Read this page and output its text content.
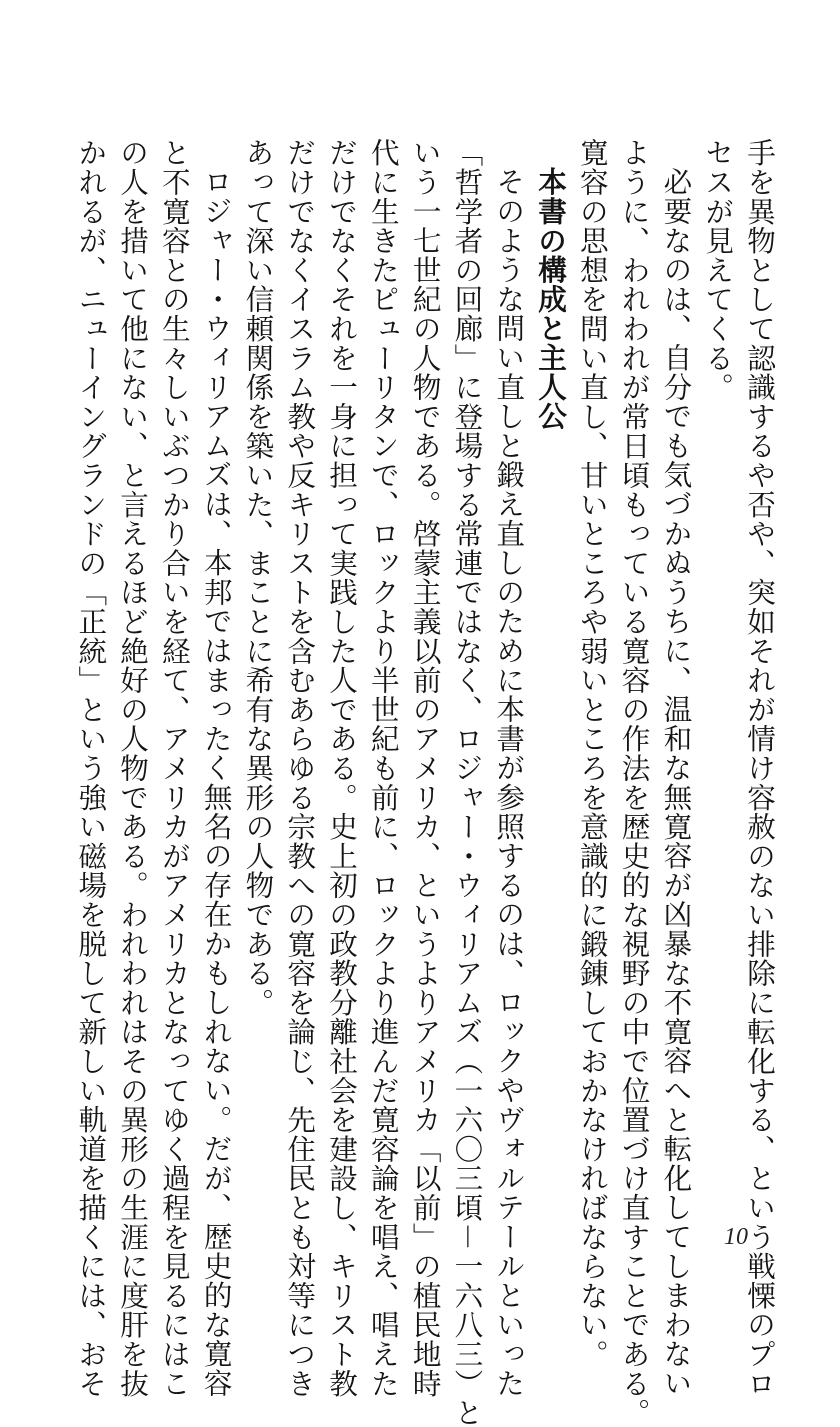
手を異物として認識するや否や、突如それが情け容赦のない排除に転化する、という戦慄のプロ
セスが見えてくる。
必要なのは、自分でも気づかぬうちに、温和な無寛容が凶暴な不寛容へと転化してしまわない
ように、われわれが常日頃もっている寛容の作法を歴史的な視野の中で位置づけ直すことである。
寛容の思想を問い直し、甘いところや弱いところを意識的に鍛錬しておかなければならない。
本書の構成と主人公
そのような問い直しと鍛え直しのために本書が参照するのは、ロックやヴォルテールといった
「哲学者の回廊」に登場する常連ではなく、ロジャー・ウィリアムズ（一六〇三頃－一六八三）と
いう一七世紀の人物である。啓蒙主義以前のアメリカ、というよりアメリカ「以前」の植民地時
代に生きたピューリタンで、ロックより半世紀も前に、ロックより進んだ寛容論を唱え、唱えた
だけでなくそれを一身に担って実践した人である。史上初の政教分離社会を建設し、キリスト教
だけでなくイスラム教や反キリストを含むあらゆる宗教への寛容を論じ、先住民とも対等につき
あって深い信頼関係を築いた、まことに希有な異形の人物である。
ロジャー・ウィリアムズは、本邦ではまったく無名の存在かもしれない。だが、歴史的な寛容
と不寛容との生々しいぶつかり合いを経て、アメリカがアメリカとなってゆく過程を見るにはこ
の人を措いて他にない、と言えるほど絶好の人物である。われわれはその異形の生涯に度肝を抜
かれるが、ニューイングランドの「正統」という強い磁場を脱して新しい軌道を描くには、おそ	10
